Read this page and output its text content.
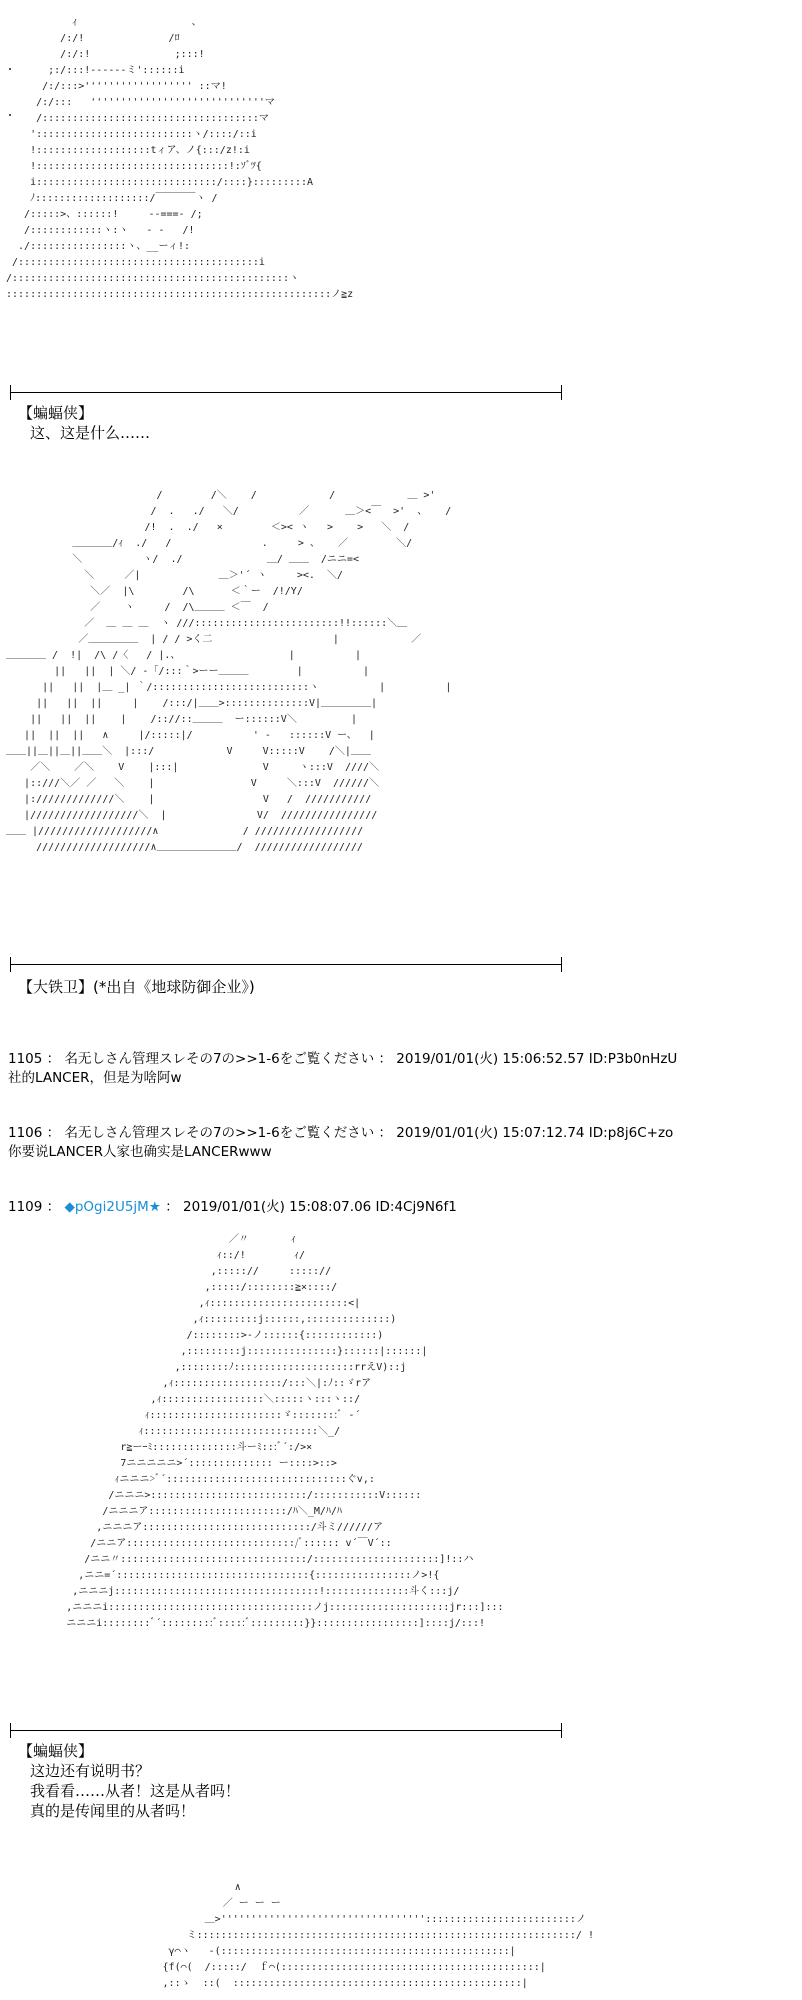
ｨ                   、
/:/!              /ﾛ
/:/:!              ;:::!
;:/:::!------ミ'::::::i
/:/:::>'''''''''''''''''' ::マ!
/:/:::   '''''''''''''''''''''''''''''マ
/::::::::::::::::::::::::::::::::::::マ
'::::::::::::::::::::::::::ヽ/::::/::i
!:::::::::::::::::::tィア、ノ{:::/z!:i
!::::::::::::::::::::::::::::::::!:ｿﾞﾂ{
i::::::::::::::::::::::::::::::/::::}:::::::::A
ﾉ:::::::::::::::::::/￣￣￣￣ヽ /
/:::::>、::::::!     --===- /;
/::::::::::::ヽ:ヽ   - -   /!
./::::::::::::::::ヽ、__ーィ!:
/::::::::::::::::::::::::::::::::::::::::i
/::::::::::::::::::::::::::::::::::::::::::::::ヽ
::::::::::::::::::::::::::::::::::::::::::::::::::::::ノ≧z
【蝙蝠侠】
这、这是什么……
/        /＼    /            /            ＿ >'
/  .   ./   ＼/          ／      ＿＞<￣  >'  、   /
/!  .  ./   ×        ＜>< ヽ   >    >   ＼  /
＿＿＿＿/ｨ  ./   /               .     > 、   ／        ＼/
＼          ヽ/  ./              ＿/ ＿＿  /ニニ=<
＼     ／|             ＿＞'´ ヽ     ><.  ＼/
＼／  |\        /\      ＜｀ー  /!/Y/
／    ヽ     /  /\＿＿＿ ＜￣  /
／  ＿ ＿ ＿  ヽ ///::::::::::::::::::::::::!!::::::＼＿
／＿＿＿＿＿  | / / >く二                    |            ／
＿＿＿＿ /  !|  /\ /〈   / |.、                  |          |
||   ||  | ＼/ -「/:::｀>ーー＿＿＿        |          |
||   ||  |＿ _| ｀/::::::::::::::::::::::::::ヽ          |          |
||   ||  ||     |    /:::/|＿＿>::::::::::::::V|＿＿＿＿＿|
||   ||  ||    |    /:://::＿＿＿  ー::::::V＼         |
||  ||  ||   ∧     |/:::::|/          ' -   ::::::V ー、  |
＿＿||＿||＿||＿＿＼  |:::/            V     V:::::V    /＼|＿＿
／＼    ／＼    V    |:::|              V     ヽ:::V  ////＼
|::///＼／ ／   ＼    |                V     ＼:::V  //////＼
|://///////////＼    |                  V   /  ///////////
|//////////////////＼  |               V/  ////////////////
＿＿ |///////////////////∧              / //////////////////
///////////////////∧＿＿＿＿＿＿＿＿/  //////////////////
【大铁卫】(*出自《地球防御企业》)
1105 ： 名无しさん管理スレその7の>>1-6をご覧ください ： 2019/01/01(火) 15:06:52.57 ID:P3b0nHzU
社的LANCER，但是为啥阿w
1106 ： 名无しさん管理スレその7の>>1-6をご覧ください ： 2019/01/01(火) 15:07:12.74 ID:p8j6C+zo
你要说LANCER人家也确实是LANCERwww
1109 ： ◆pOgi2U5jM★ ： 2019/01/01(火) 15:08:07.06 ID:4Cj9N6f1
／〃       ｨ
ｨ::/!        ｨ/
,::::://     ::::://
,:::::/::::::::≧×::::/
,ｨ:::::::::::::::::::::::<|
,ｨ:::::::::j::::::,::::::::::::::)
/::::::::>-ノ::::::{::::::::::::)
,:::::::::j:::::::::::::::}::::::|::::::|
,::::::::ﾉ::::::::::::::::::::rrえV)::j
,ｨ::::::::::::::::::/:::＼|:ﾉ::ゞrア
,ｨ:::::::::::::::::＼:::::ヽ:::ヽ::/
ｨ::::::::::::::::::::::ゞ::::::::ﾞ -´
ｨ:::::::::::::::::::::::::::::＼_/
r≧ーｰﾐ::::::::::::::斗ーﾐ:::ﾞ´:/>×
7ニニニニニ>´:::::::::::::: ー::::>::>
ｨニニニ>ﾞ´::::::::::::::::::::::::::::::ぐv,:
/ニニニ>::::::::::::::::::::::::::/:::::::::::V::::::
/ニニニア:::::::::::::::::::::::/ﾊ＼_M/ﾊ/ﾊ
,ニニニア::::::::::::::::::::::::::::/斗ミ//////ア
/ニニア::::::::::::::::::::::::::::/ﾞ:::::: v´￣V´::
/ニニ〃:::::::::::::::::::::::::::::::/:::::::::::::::::::::]!::ハ
,ニニ=´::::::::::::::::::::::::::::::::{::::::::::::::::ノ>!{
,ニニニj::::::::::::::::::::::::::::::::::!::::::::::::::斗く:::j/
,ニニニi::::::::::::::::::::::::::::::::::ノj::::::::::::::::::::jr:::]:::
ニニニi::::::::ﾞ´:::::::::ﾞ:::::ﾞ:::::::::}}:::::::::::::::::]::::j/:::!
【蝙蝠侠】
这边还有说明书？
我看看……从者！这是从者吗！
真的是传闻里的从者吗！
∧
／ ー ー ー
＿>'''''''''''''''''''''''''''''''''':::::::::::::::::::::::::ノ
ミ:::::::::::::::::::::::::::::::::::::::::::::::::::::::::::::::/ !
γ⌒ヽ   -(::::::::::::::::::::::::::::::::::::::::::::::::|
{f(⌒(  /:::::/  ｆ⌒(:::::::::::::::::::::::::::::::::::::::::::|
,::ゝ  ::(  ::::::::::::::::::::::::::::::::::::::::::::::::|
